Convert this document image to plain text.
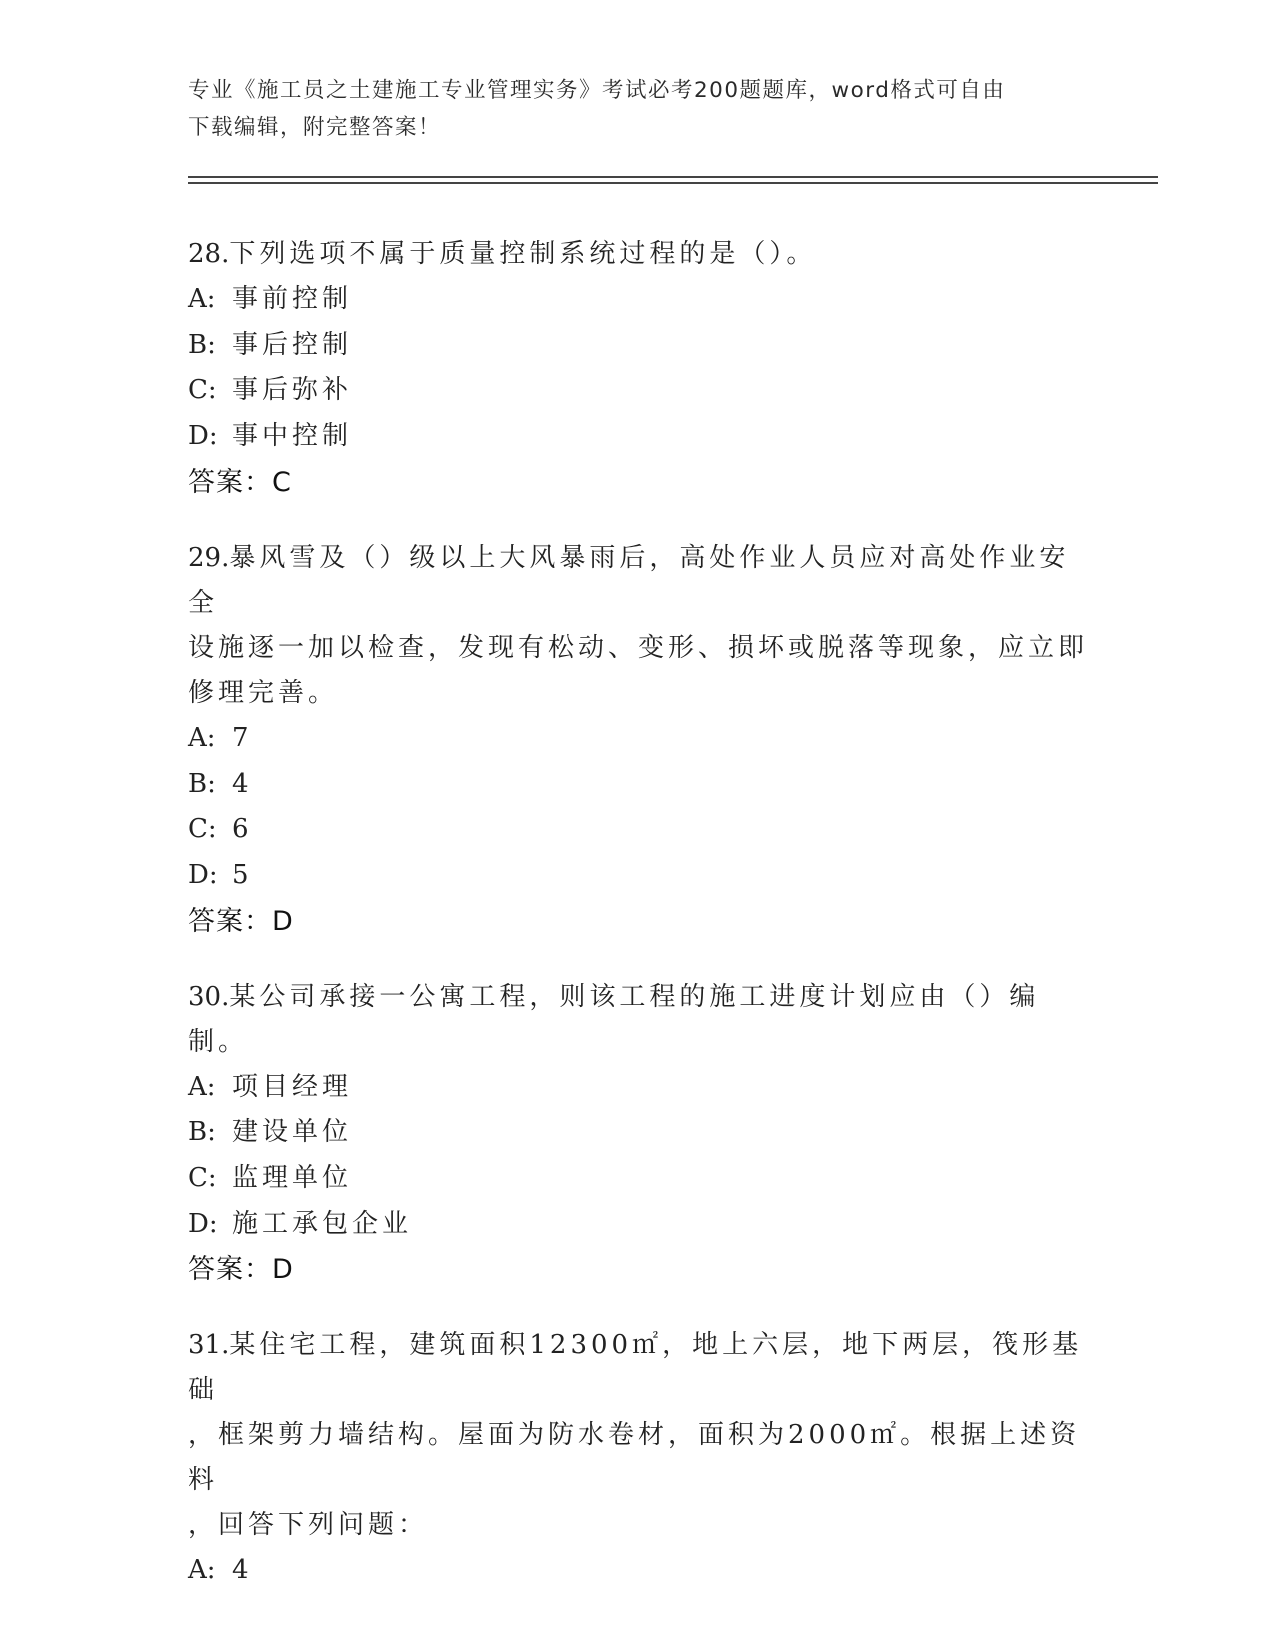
专业《施工员之土建施工专业管理实务》考试必考200题题库，word格式可自由
下载编辑，附完整答案！
28.下列选项不属于质量控制系统过程的是（）。
A: 事前控制
B: 事后控制
C: 事后弥补
D: 事中控制
答案：C
29.暴风雪及（）级以上大风暴雨后，高处作业人员应对高处作业安全
设施逐一加以检查，发现有松动、变形、损坏或脱落等现象，应立即
修理完善。
A: 7
B: 4
C: 6
D: 5
答案：D
30.某公司承接一公寓工程，则该工程的施工进度计划应由（）编制。
A: 项目经理
B: 建设单位
C: 监理单位
D: 施工承包企业
答案：D
31.某住宅工程，建筑面积12300㎡，地上六层，地下两层，筏形基础
，框架剪力墙结构。屋面为防水卷材，面积为2000㎡。根据上述资料
，回答下列问题：
A: 4
